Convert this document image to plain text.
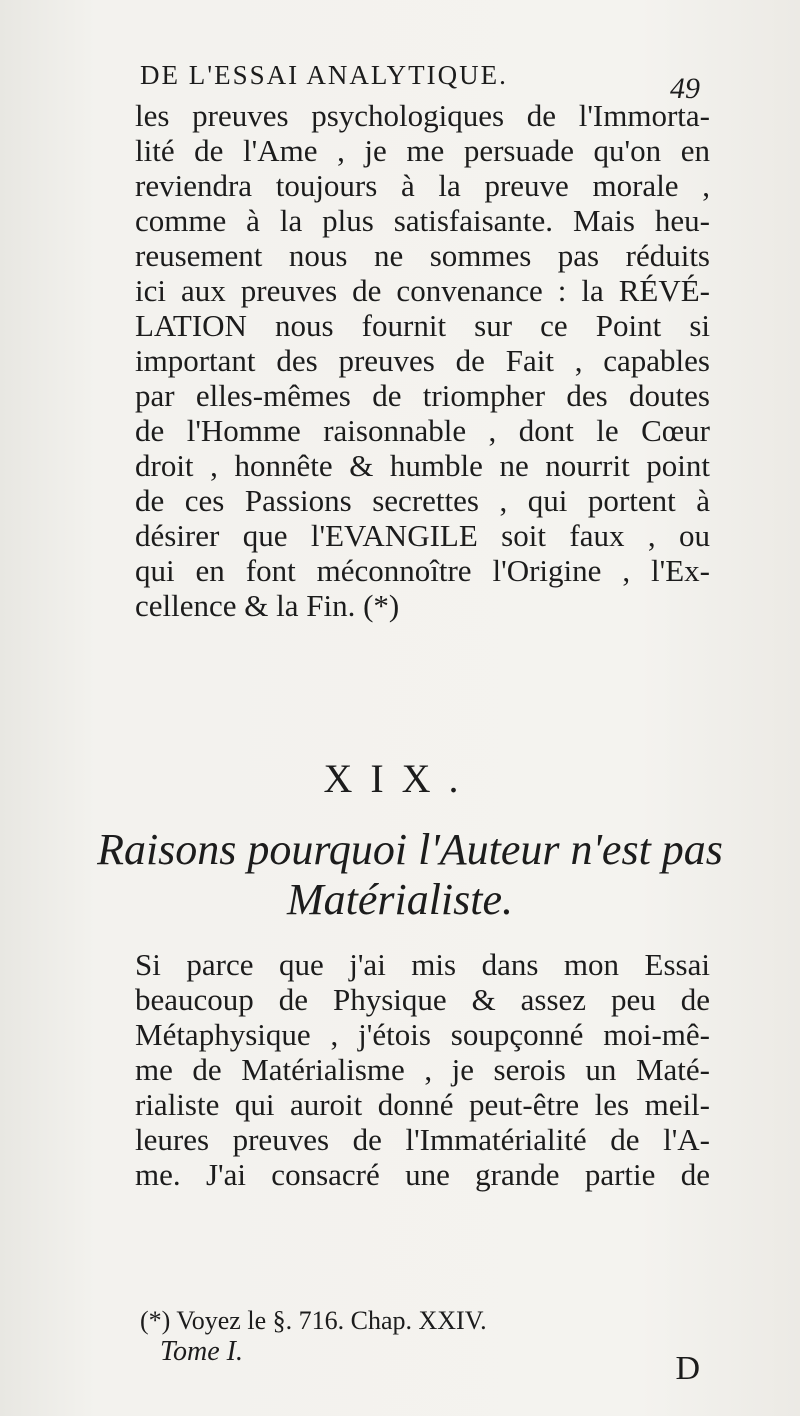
DE L'ESSAI ANALYTIQUE.	49
les preuves psychologiques de l'Immorta-
lité de l'Ame , je me persuade qu'on en
reviendra toujours à la preuve morale ,
comme à la plus satisfaisante. Mais heu-
reusement nous ne sommes pas réduits
ici aux preuves de convenance : la RÉVÉ-
LATION nous fournit sur ce Point si
important des preuves de Fait , capables
par elles-mêmes de triompher des doutes
de l'Homme raisonnable , dont le Cœur
droit , honnête & humble ne nourrit point
de ces Passions secrettes , qui portent à
désirer que l'EVANGILE soit faux , ou
qui en font méconnoître l'Origine , l'Ex-
cellence & la Fin. (*)
XIX.
Raisons pourquoi l'Auteur n'est pas
Matérialiste.
Si parce que j'ai mis dans mon Essai
beaucoup de Physique & assez peu de
Métaphysique , j'étois soupçonné moi-mê-
me de Matérialisme , je serois un Maté-
rialiste qui auroit donné peut-être les meil-
leures preuves de l'Immatérialité de l'A-
me. J'ai consacré une grande partie de
(*) Voyez le §. 716. Chap. XXIV.
Tome I.	D
